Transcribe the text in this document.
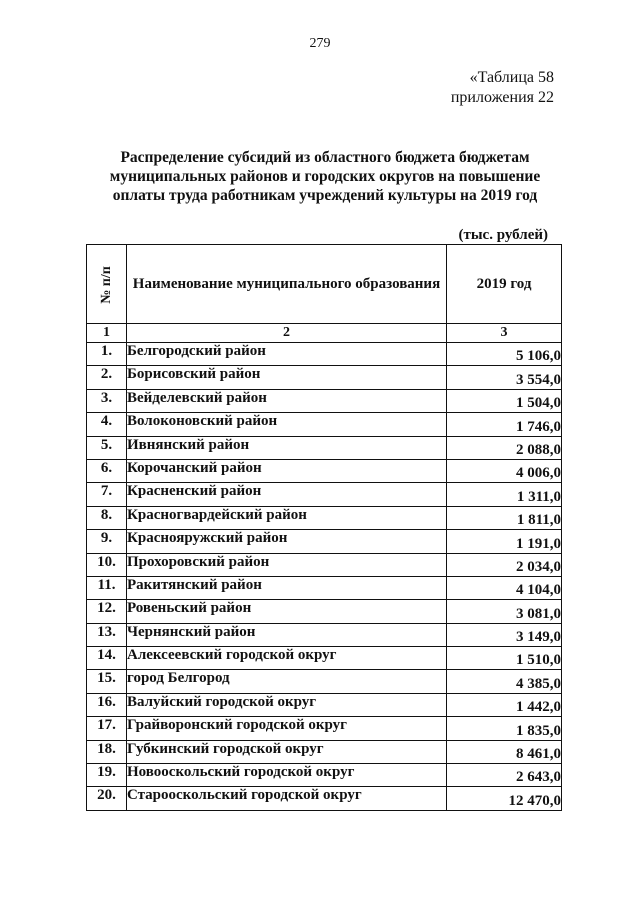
279
«Таблица 58
приложения 22
Распределение субсидий из областного бюджета бюджетам муниципальных районов и городских округов на повышение оплаты труда работникам учреждений культуры на 2019 год
(тыс. рублей)
№ п/п	Наименование муниципального образования	2019 год
1	2	3
1.	Белгородский район	5 106,0
2.	Борисовский район	3 554,0
3.	Вейделевский район	1 504,0
4.	Волоконовский район	1 746,0
5.	Ивнянский район	2 088,0
6.	Корочанский район	4 006,0
7.	Красненский район	1 311,0
8.	Красногвардейский район	1 811,0
9.	Краснояружский район	1 191,0
10.	Прохоровский район	2 034,0
11.	Ракитянский район	4 104,0
12.	Ровеньский район	3 081,0
13.	Чернянский район	3 149,0
14.	Алексеевский городской округ	1 510,0
15.	город Белгород	4 385,0
16.	Валуйский городской округ	1 442,0
17.	Грайворонский городской округ	1 835,0
18.	Губкинский городской округ	8 461,0
19.	Новооскольский городской округ	2 643,0
20.	Старооскольский городской округ	12 470,0
